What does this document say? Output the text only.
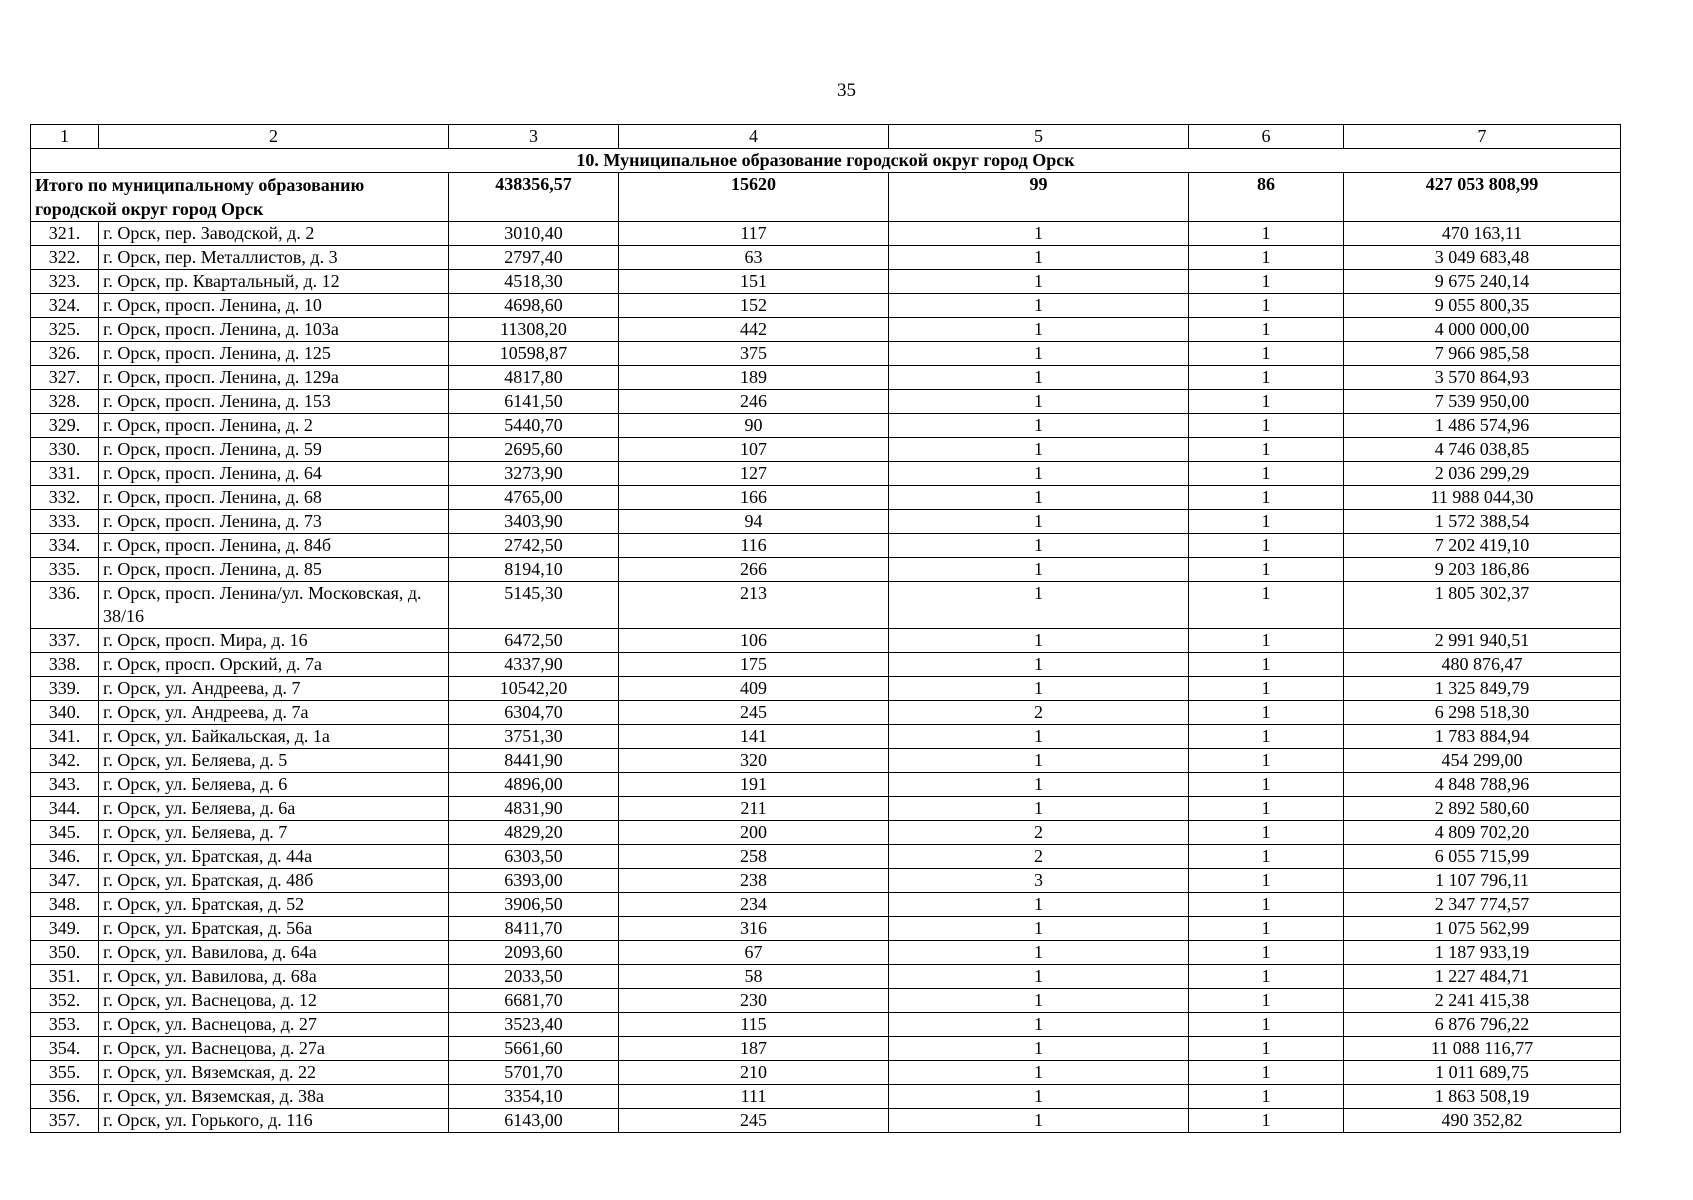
35
1	2	3	4	5	6	7
10. Муниципальное образование городской округ город Орск						
Итого по муниципальному образованию городской округ город Орск		438356,57	15620	99	86	427 053 808,99
321.	г. Орск, пер. Заводской, д. 2	3010,40	117	1	1	470 163,11
322.	г. Орск, пер. Металлистов, д. 3	2797,40	63	1	1	3 049 683,48
323.	г. Орск, пр. Квартальный, д. 12	4518,30	151	1	1	9 675 240,14
324.	г. Орск, просп. Ленина, д. 10	4698,60	152	1	1	9 055 800,35
325.	г. Орск, просп. Ленина, д. 103а	11308,20	442	1	1	4 000 000,00
326.	г. Орск, просп. Ленина, д. 125	10598,87	375	1	1	7 966 985,58
327.	г. Орск, просп. Ленина, д. 129а	4817,80	189	1	1	3 570 864,93
328.	г. Орск, просп. Ленина, д. 153	6141,50	246	1	1	7 539 950,00
329.	г. Орск, просп. Ленина, д. 2	5440,70	90	1	1	1 486 574,96
330.	г. Орск, просп. Ленина, д. 59	2695,60	107	1	1	4 746 038,85
331.	г. Орск, просп. Ленина, д. 64	3273,90	127	1	1	2 036 299,29
332.	г. Орск, просп. Ленина, д. 68	4765,00	166	1	1	11 988 044,30
333.	г. Орск, просп. Ленина, д. 73	3403,90	94	1	1	1 572 388,54
334.	г. Орск, просп. Ленина, д. 84б	2742,50	116	1	1	7 202 419,10
335.	г. Орск, просп. Ленина, д. 85	8194,10	266	1	1	9 203 186,86
336.	г. Орск, просп. Ленина/ул. Московская, д. 38/16	5145,30	213	1	1	1 805 302,37
337.	г. Орск, просп. Мира, д. 16	6472,50	106	1	1	2 991 940,51
338.	г. Орск, просп. Орский, д. 7а	4337,90	175	1	1	480 876,47
339.	г. Орск, ул. Андреева, д. 7	10542,20	409	1	1	1 325 849,79
340.	г. Орск, ул. Андреева, д. 7а	6304,70	245	2	1	6 298 518,30
341.	г. Орск, ул. Байкальская, д. 1а	3751,30	141	1	1	1 783 884,94
342.	г. Орск, ул. Беляева, д. 5	8441,90	320	1	1	454 299,00
343.	г. Орск, ул. Беляева, д. 6	4896,00	191	1	1	4 848 788,96
344.	г. Орск, ул. Беляева, д. 6а	4831,90	211	1	1	2 892 580,60
345.	г. Орск, ул. Беляева, д. 7	4829,20	200	2	1	4 809 702,20
346.	г. Орск, ул. Братская, д. 44а	6303,50	258	2	1	6 055 715,99
347.	г. Орск, ул. Братская, д. 48б	6393,00	238	3	1	1 107 796,11
348.	г. Орск, ул. Братская, д. 52	3906,50	234	1	1	2 347 774,57
349.	г. Орск, ул. Братская, д. 56а	8411,70	316	1	1	1 075 562,99
350.	г. Орск, ул. Вавилова, д. 64а	2093,60	67	1	1	1 187 933,19
351.	г. Орск, ул. Вавилова, д. 68а	2033,50	58	1	1	1 227 484,71
352.	г. Орск, ул. Васнецова, д. 12	6681,70	230	1	1	2 241 415,38
353.	г. Орск, ул. Васнецова, д. 27	3523,40	115	1	1	6 876 796,22
354.	г. Орск, ул. Васнецова, д. 27а	5661,60	187	1	1	11 088 116,77
355.	г. Орск, ул. Вяземская, д. 22	5701,70	210	1	1	1 011 689,75
356.	г. Орск, ул. Вяземская, д. 38а	3354,10	111	1	1	1 863 508,19
357.	г. Орск, ул. Горького, д. 116	6143,00	245	1	1	490 352,82
